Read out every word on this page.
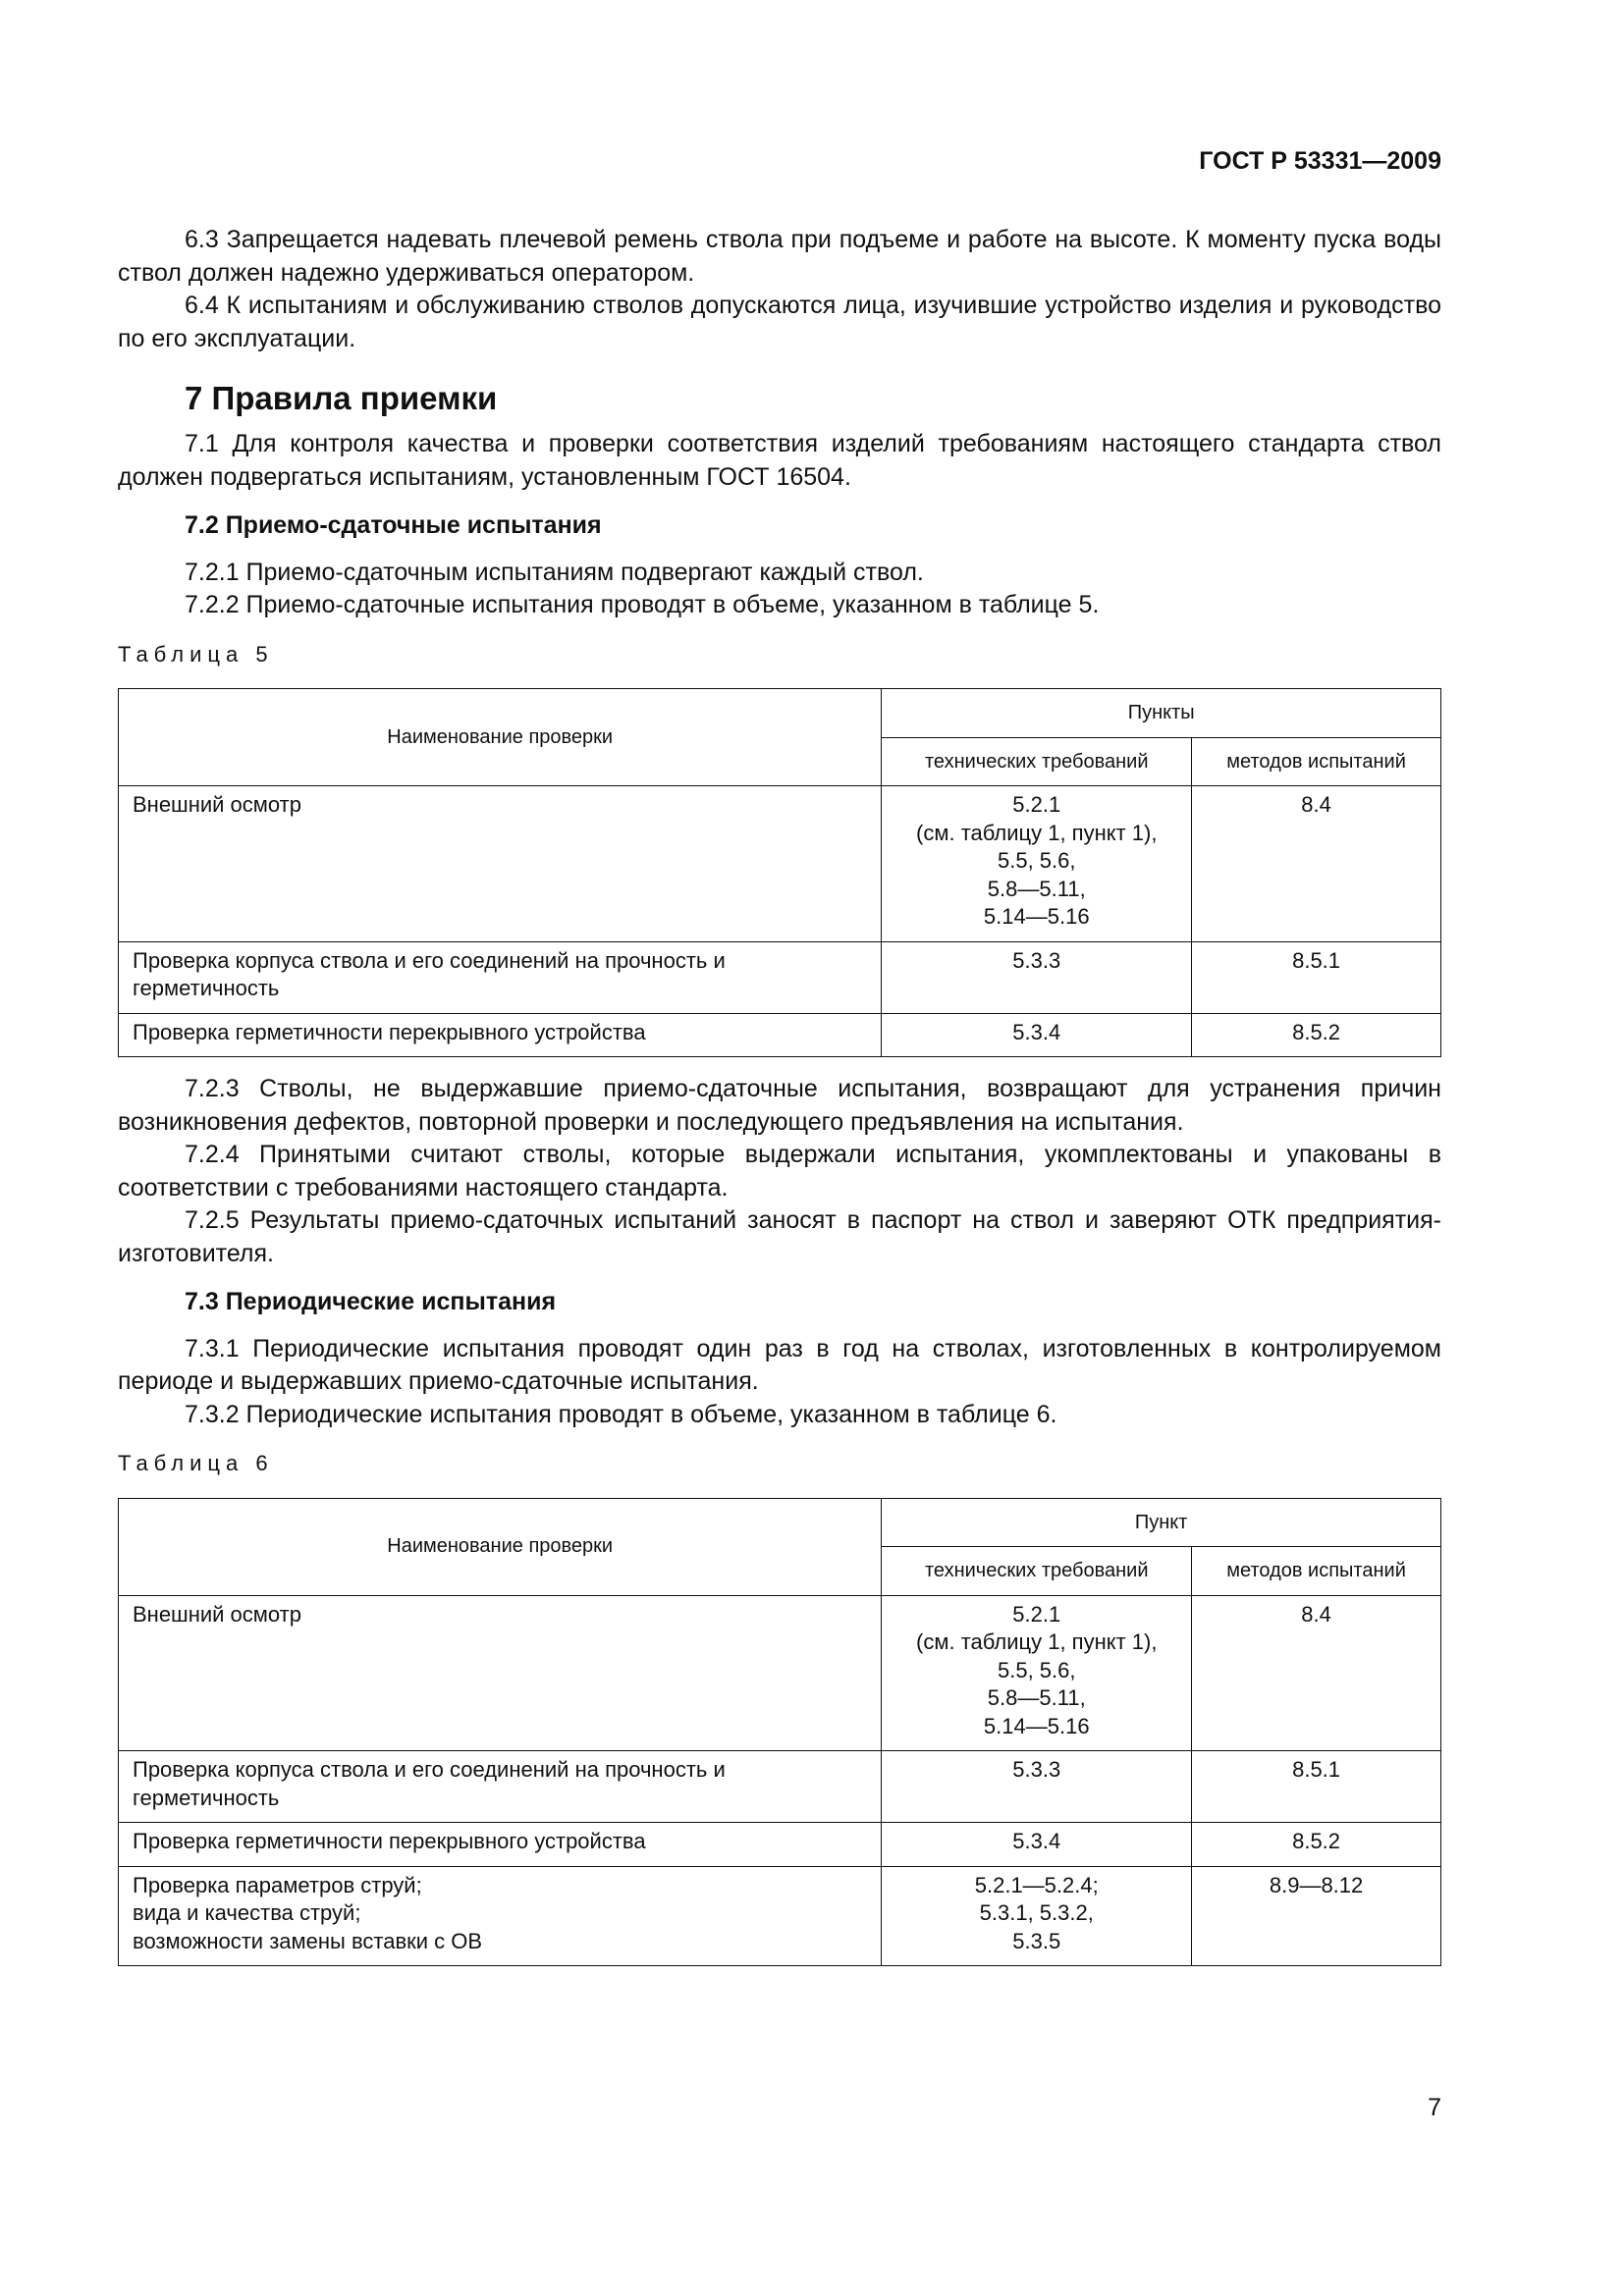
ГОСТ Р 53331—2009

6.3 Запрещается надевать плечевой ремень ствола при подъеме и работе на высоте. К моменту пуска воды ствол должен надежно удерживаться оператором.

6.4 К испытаниям и обслуживанию стволов допускаются лица, изучившие устройство изделия и руководство по его эксплуатации.

7 Правила приемки

7.1 Для контроля качества и проверки соответствия изделий требованиям настоящего стандарта ствол должен подвергаться испытаниям, установленным ГОСТ 16504.

7.2 Приемо-сдаточные испытания

7.2.1 Приемо-сдаточным испытаниям подвергают каждый ствол.

7.2.2 Приемо-сдаточные испытания проводят в объеме, указанном в таблице 5.

Таблица 5
Наименование проверки	Пункты	
	технических требований	методов испытаний
Внешний осмотр	5.2.1
(см. таблицу 1, пункт 1),
5.5, 5.6,
5.8—5.11,
5.14—5.16	8.4
Проверка корпуса ствола и его соединений на прочность и герметичность	5.3.3	8.5.1
Проверка герметичности перекрывного устройства	5.3.4	8.5.2

7.2.3 Стволы, не выдержавшие приемо-сдаточные испытания, возвращают для устранения причин возникновения дефектов, повторной проверки и последующего предъявления на испытания.

7.2.4 Принятыми считают стволы, которые выдержали испытания, укомплектованы и упакованы в соответствии с требованиями настоящего стандарта.

7.2.5 Результаты приемо-сдаточных испытаний заносят в паспорт на ствол и заверяют ОТК предприятия-изготовителя.

7.3 Периодические испытания

7.3.1 Периодические испытания проводят один раз в год на стволах, изготовленных в контролируемом периоде и выдержавших приемо-сдаточные испытания.

7.3.2 Периодические испытания проводят в объеме, указанном в таблице 6.

Таблица 6
Наименование проверки	Пункт	
	технических требований	методов испытаний
Внешний осмотр	5.2.1
(см. таблицу 1, пункт 1),
5.5, 5.6,
5.8—5.11,
5.14—5.16	8.4
Проверка корпуса ствола и его соединений на прочность и герметичность	5.3.3	8.5.1
Проверка герметичности перекрывного устройства	5.3.4	8.5.2

Проверка параметров струй;
вида и качества струй;
возможности замены вставки с ОВ	5.2.1—5.2.4;
5.3.1, 5.3.2,
5.3.5	8.9—8.12
7
